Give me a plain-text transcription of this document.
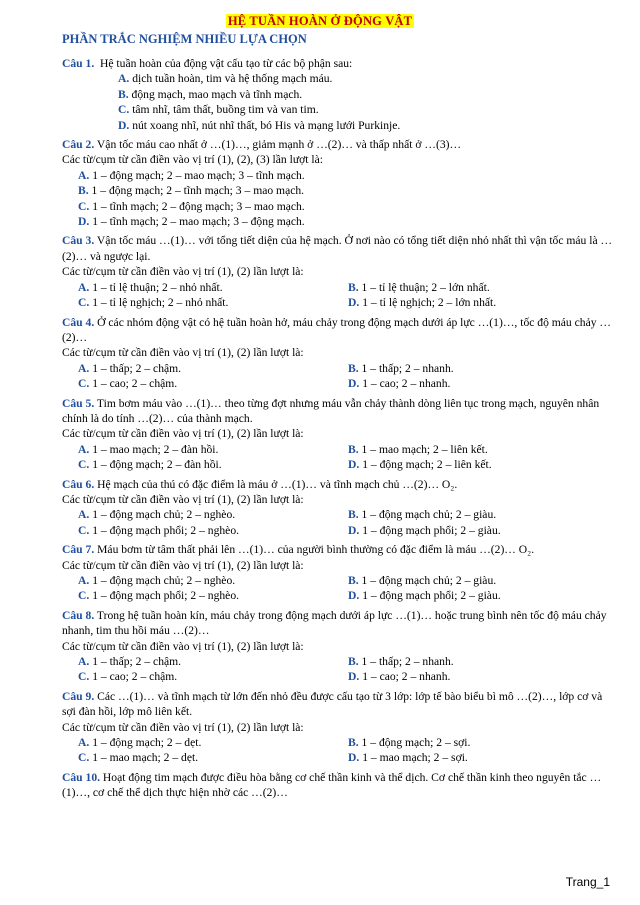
HỆ TUẦN HOÀN Ở ĐỘNG VẬT
PHẦN TRẮC NGHIỆM NHIỀU LỰA CHỌN

Câu 1. Hệ tuần hoàn của động vật cấu tạo từ các bộ phận sau:

A. dịch tuần hoàn, tim và hệ thống mạch máu.

B. động mạch, mao mạch và tĩnh mạch.

C. tâm nhĩ, tâm thất, buồng tim và van tim.

D. nút xoang nhĩ, nút nhĩ thất, bó His và mạng lưới Purkinje.

Câu 2. Vận tốc máu cao nhất ở …(1)…, giảm mạnh ở …(2)… và thấp nhất ở …(3)…

Các từ/cụm từ cần điền vào vị trí (1), (2), (3) lần lượt là:

A. 1 – động mạch; 2 – mao mạch; 3 – tĩnh mạch.

B. 1 – động mạch; 2 – tĩnh mạch; 3 – mao mạch.

C. 1 – tĩnh mạch; 2 – động mạch; 3 – mao mạch.

D. 1 – tĩnh mạch; 2 – mao mạch; 3 – động mạch.

Câu 3. Vận tốc máu …(1)… với tổng tiết diện của hệ mạch. Ở nơi nào có tổng tiết diện nhỏ nhất thì vận tốc máu là …(2)… và ngược lại.

Các từ/cụm từ cần điền vào vị trí (1), (2) lần lượt là:

A. 1 – tỉ lệ thuận; 2 – nhỏ nhất.	B. 1 – tỉ lệ thuận; 2 – lớn nhất.
C. 1 – tỉ lệ nghịch; 2 – nhỏ nhất.	D. 1 – tỉ lệ nghịch; 2 – lớn nhất.

Câu 4. Ở các nhóm động vật có hệ tuần hoàn hở, máu chảy trong động mạch dưới áp lực …(1)…, tốc độ máu chảy …(2)…

Các từ/cụm từ cần điền vào vị trí (1), (2) lần lượt là:

A. 1 – thấp; 2 – chậm.	B. 1 – thấp; 2 – nhanh.
C. 1 – cao; 2 – chậm.	D. 1 – cao; 2 – nhanh.

Câu 5. Tim bơm máu vào …(1)… theo từng đợt nhưng máu vẫn chảy thành dòng liên tục trong mạch, nguyên nhân chính là do tính …(2)… của thành mạch.

Các từ/cụm từ cần điền vào vị trí (1), (2) lần lượt là:

A. 1 – mao mạch; 2 – đàn hồi.	B. 1 – mao mạch; 2 – liên kết.
C. 1 – động mạch; 2 – đàn hồi.	D. 1 – động mạch; 2 – liên kết.

Câu 6. Hệ mạch của thú có đặc điểm là máu ở …(1)… và tĩnh mạch chủ …(2)… O₂.

Các từ/cụm từ cần điền vào vị trí (1), (2) lần lượt là:

A. 1 – động mạch chủ; 2 – nghèo.	B. 1 – động mạch chủ; 2 – giàu.
C. 1 – động mạch phổi; 2 – nghèo.	D. 1 – động mạch phổi; 2 – giàu.

Câu 7. Máu bơm từ tâm thất phải lên …(1)… của người bình thường có đặc điểm là máu …(2)… O₂.

Các từ/cụm từ cần điền vào vị trí (1), (2) lần lượt là:

A. 1 – động mạch chủ; 2 – nghèo.	B. 1 – động mạch chủ; 2 – giàu.
C. 1 – động mạch phổi; 2 – nghèo.	D. 1 – động mạch phổi; 2 – giàu.

Câu 8. Trong hệ tuần hoàn kín, máu chảy trong động mạch dưới áp lực …(1)… hoặc trung bình nên tốc độ máu chảy nhanh, tim thu hồi máu …(2)…

Các từ/cụm từ cần điền vào vị trí (1), (2) lần lượt là:

A. 1 – thấp; 2 – chậm.	B. 1 – thấp; 2 – nhanh.
C. 1 – cao; 2 – chậm.	D. 1 – cao; 2 – nhanh.

Câu 9. Các …(1)… và tĩnh mạch từ lớn đến nhỏ đều được cấu tạo từ 3 lớp: lớp tế bào biểu bì mô …(2)…, lớp cơ và sợi đàn hồi, lớp mô liên kết.

Các từ/cụm từ cần điền vào vị trí (1), (2) lần lượt là:

A. 1 – động mạch; 2 – dẹt.	B. 1 – động mạch; 2 – sợi.
C. 1 – mao mạch; 2 – dẹt.	D. 1 – mao mạch; 2 – sợi.

Câu 10. Hoạt động tim mạch được điều hòa bằng cơ chế thần kinh và thể dịch. Cơ chế thần kinh theo nguyên tắc …(1)…, cơ chế thể dịch thực hiện nhờ các …(2)…

Trang_1
